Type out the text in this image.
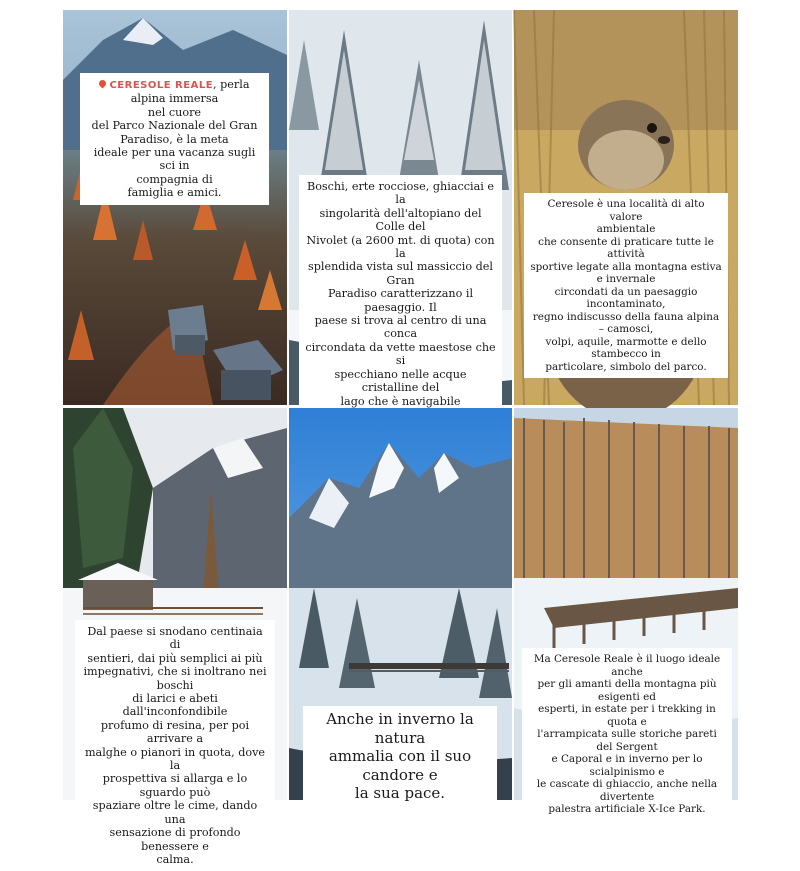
CERESOLE REALE, perla alpina immersa
nel cuore
del Parco Nazionale del Gran
Paradiso, è la meta
ideale per una vacanza sugli sci in
compagnia di
famiglia e amici.	Boschi, erte rocciose, ghiacciai e la
singolarità dell'altopiano del Colle del
Nivolet (a 2600 mt. di quota) con la
splendida vista sul massiccio del Gran
Paradiso caratterizzano il paesaggio. Il
paese si trova al centro di una conca
circondata da vette maestose che si
specchiano nelle acque cristalline del
lago che è navigabile
Ceresole è una località di alto valore
ambientale
che consente di praticare tutte le attività
sportive legate alla montagna estiva e invernale
circondati da un paesaggio incontaminato,
regno indiscusso della fauna alpina – camosci,
volpi, aquile, marmotte e dello stambecco in
particolare, simbolo del parco.
Dal paese si snodano centinaia di
sentieri, dai più semplici ai più
impegnativi, che si inoltrano nei boschi
di larici e abeti dall'inconfondibile
profumo di resina, per poi arrivare a
malghe o pianori in quota, dove la
prospettiva si allarga e lo sguardo può
spaziare oltre le cime, dando una
sensazione di profondo benessere e
calma.
Anche in inverno la natura
ammalia con il suo candore e
la sua pace.
Ma Ceresole Reale è il luogo ideale anche
per gli amanti della montagna più esigenti ed
esperti, in estate per i trekking in quota e
l'arrampicata sulle storiche pareti del Sergent
e Caporal e in inverno per lo scialpinismo e
le cascate di ghiaccio, anche nella divertente
palestra artificiale X-Ice Park.
